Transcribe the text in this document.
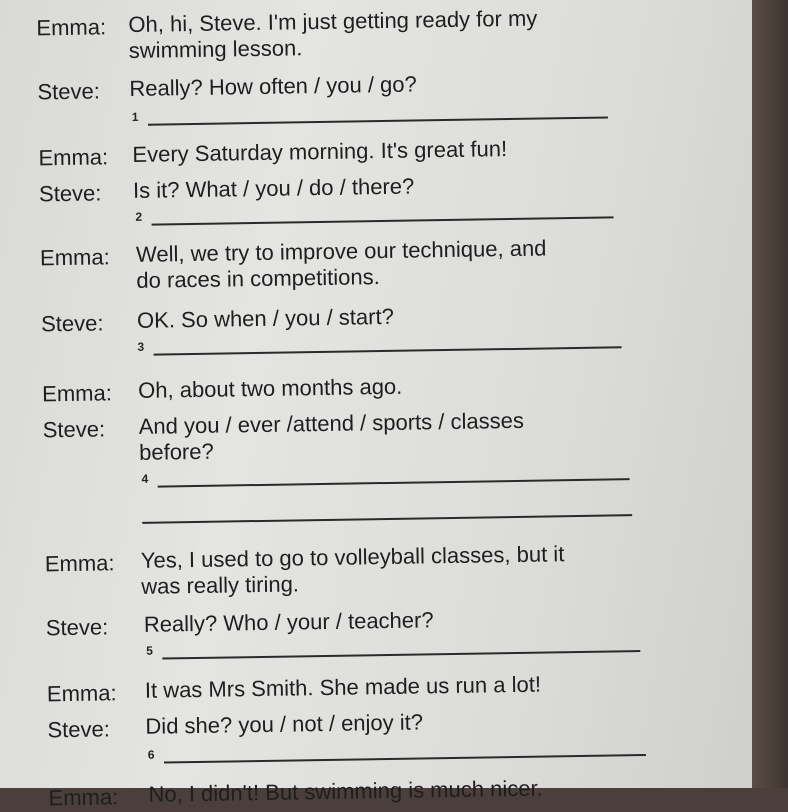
Emma: Oh, hi, Steve. I'm just getting ready for my
swimming lesson.
Steve: Really? How often / you / go?
1
Emma: Every Saturday morning. It's great fun!
Steve: Is it? What / you / do / there?
2
Emma: Well, we try to improve our technique, and
do races in competitions.
Steve: OK. So when / you / start?
3
Emma: Oh, about two months ago.
Steve: And you / ever /attend / sports / classes
before?
4
Emma: Yes, I used to go to volleyball classes, but it
was really tiring.
Steve: Really? Who / your / teacher?
5
Emma: It was Mrs Smith. She made us run a lot!
Steve: Did she? you / not / enjoy it?
6
Emma: No, I didn't! But swimming is much nicer.
